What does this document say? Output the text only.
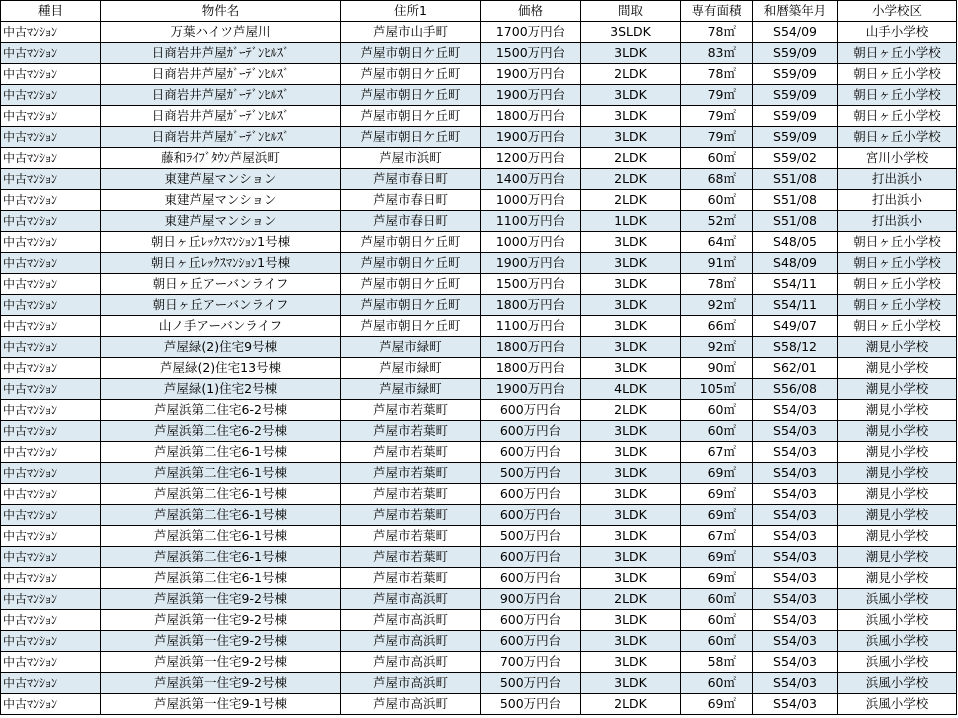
種目	物件名	住所1	価格	間取	専有面積	和暦築年月	小学校区
中古ﾏﾝｼｮﾝ	万葉ハイツ芦屋川	芦屋市山手町	1700万円台	3SLDK	78㎡	S54/09	山手小学校
中古ﾏﾝｼｮﾝ	日商岩井芦屋ｶﾞｰﾃﾞﾝﾋﾙｽﾞ	芦屋市朝日ケ丘町	1500万円台	3LDK	83㎡	S59/09	朝日ヶ丘小学校
中古ﾏﾝｼｮﾝ	日商岩井芦屋ｶﾞｰﾃﾞﾝﾋﾙｽﾞ	芦屋市朝日ケ丘町	1900万円台	2LDK	78㎡	S59/09	朝日ヶ丘小学校
中古ﾏﾝｼｮﾝ	日商岩井芦屋ｶﾞｰﾃﾞﾝﾋﾙｽﾞ	芦屋市朝日ケ丘町	1900万円台	3LDK	79㎡	S59/09	朝日ヶ丘小学校
中古ﾏﾝｼｮﾝ	日商岩井芦屋ｶﾞｰﾃﾞﾝﾋﾙｽﾞ	芦屋市朝日ケ丘町	1800万円台	3LDK	79㎡	S59/09	朝日ヶ丘小学校
中古ﾏﾝｼｮﾝ	日商岩井芦屋ｶﾞｰﾃﾞﾝﾋﾙｽﾞ	芦屋市朝日ケ丘町	1900万円台	3LDK	79㎡	S59/09	朝日ヶ丘小学校
中古ﾏﾝｼｮﾝ	藤和ﾗｲﾌﾞﾀｳﾝ芦屋浜町	芦屋市浜町	1200万円台	2LDK	60㎡	S59/02	宮川小学校
中古ﾏﾝｼｮﾝ	東建芦屋マンション	芦屋市春日町	1400万円台	2LDK	68㎡	S51/08	打出浜小
中古ﾏﾝｼｮﾝ	東建芦屋マンション	芦屋市春日町	1000万円台	2LDK	60㎡	S51/08	打出浜小
中古ﾏﾝｼｮﾝ	東建芦屋マンション	芦屋市春日町	1100万円台	1LDK	52㎡	S51/08	打出浜小
中古ﾏﾝｼｮﾝ	朝日ヶ丘ﾚｯｸｽﾏﾝｼｮﾝ1号棟	芦屋市朝日ケ丘町	1000万円台	3LDK	64㎡	S48/05	朝日ヶ丘小学校
中古ﾏﾝｼｮﾝ	朝日ヶ丘ﾚｯｸｽﾏﾝｼｮﾝ1号棟	芦屋市朝日ケ丘町	1900万円台	3LDK	91㎡	S48/09	朝日ヶ丘小学校
中古ﾏﾝｼｮﾝ	朝日ヶ丘アーバンライフ	芦屋市朝日ケ丘町	1500万円台	3LDK	78㎡	S54/11	朝日ヶ丘小学校
中古ﾏﾝｼｮﾝ	朝日ヶ丘アーバンライフ	芦屋市朝日ケ丘町	1800万円台	3LDK	92㎡	S54/11	朝日ヶ丘小学校
中古ﾏﾝｼｮﾝ	山ノ手アーバンライフ	芦屋市朝日ケ丘町	1100万円台	3LDK	66㎡	S49/07	朝日ヶ丘小学校
中古ﾏﾝｼｮﾝ	芦屋緑(2)住宅9号棟	芦屋市緑町	1800万円台	3LDK	92㎡	S58/12	潮見小学校
中古ﾏﾝｼｮﾝ	芦屋緑(2)住宅13号棟	芦屋市緑町	1800万円台	3LDK	90㎡	S62/01	潮見小学校
中古ﾏﾝｼｮﾝ	芦屋緑(1)住宅2号棟	芦屋市緑町	1900万円台	4LDK	105㎡	S56/08	潮見小学校
中古ﾏﾝｼｮﾝ	芦屋浜第二住宅6-2号棟	芦屋市若葉町	600万円台	2LDK	60㎡	S54/03	潮見小学校
中古ﾏﾝｼｮﾝ	芦屋浜第二住宅6-2号棟	芦屋市若葉町	600万円台	3LDK	60㎡	S54/03	潮見小学校
中古ﾏﾝｼｮﾝ	芦屋浜第二住宅6-1号棟	芦屋市若葉町	600万円台	3LDK	67㎡	S54/03	潮見小学校
中古ﾏﾝｼｮﾝ	芦屋浜第二住宅6-1号棟	芦屋市若葉町	500万円台	3LDK	69㎡	S54/03	潮見小学校
中古ﾏﾝｼｮﾝ	芦屋浜第二住宅6-1号棟	芦屋市若葉町	600万円台	3LDK	69㎡	S54/03	潮見小学校
中古ﾏﾝｼｮﾝ	芦屋浜第二住宅6-1号棟	芦屋市若葉町	600万円台	3LDK	69㎡	S54/03	潮見小学校
中古ﾏﾝｼｮﾝ	芦屋浜第二住宅6-1号棟	芦屋市若葉町	500万円台	3LDK	67㎡	S54/03	潮見小学校
中古ﾏﾝｼｮﾝ	芦屋浜第二住宅6-1号棟	芦屋市若葉町	600万円台	3LDK	69㎡	S54/03	潮見小学校
中古ﾏﾝｼｮﾝ	芦屋浜第二住宅6-1号棟	芦屋市若葉町	600万円台	3LDK	69㎡	S54/03	潮見小学校
中古ﾏﾝｼｮﾝ	芦屋浜第一住宅9-2号棟	芦屋市高浜町	900万円台	2LDK	60㎡	S54/03	浜風小学校
中古ﾏﾝｼｮﾝ	芦屋浜第一住宅9-2号棟	芦屋市高浜町	600万円台	3LDK	60㎡	S54/03	浜風小学校
中古ﾏﾝｼｮﾝ	芦屋浜第一住宅9-2号棟	芦屋市高浜町	600万円台	3LDK	60㎡	S54/03	浜風小学校
中古ﾏﾝｼｮﾝ	芦屋浜第一住宅9-2号棟	芦屋市高浜町	700万円台	3LDK	58㎡	S54/03	浜風小学校
中古ﾏﾝｼｮﾝ	芦屋浜第一住宅9-2号棟	芦屋市高浜町	500万円台	3LDK	60㎡	S54/03	浜風小学校
中古ﾏﾝｼｮﾝ	芦屋浜第一住宅9-1号棟	芦屋市高浜町	500万円台	2LDK	69㎡	S54/03	浜風小学校
